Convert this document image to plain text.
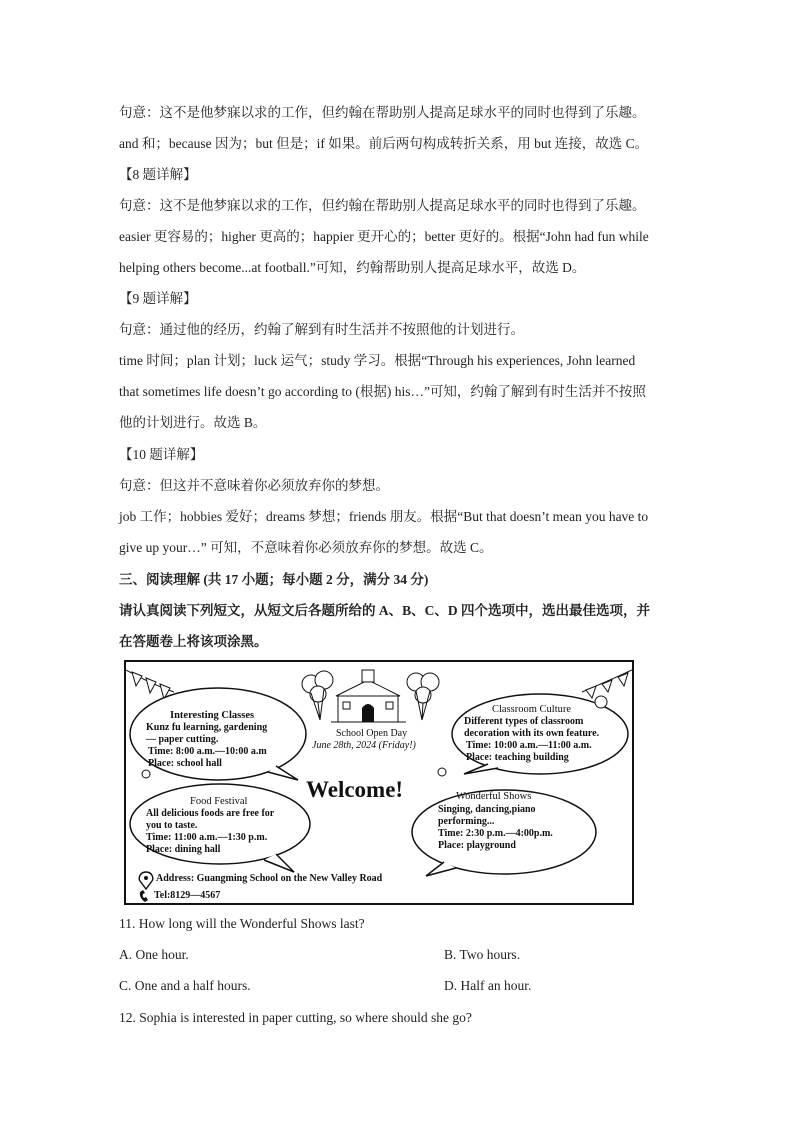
句意：这不是他梦寐以求的工作，但约翰在帮助别人提高足球水平的同时也得到了乐趣。
and 和；because 因为；but 但是；if 如果。前后两句构成转折关系，用 but 连接，故选 C。
【8 题详解】
句意：这不是他梦寐以求的工作，但约翰在帮助别人提高足球水平的同时也得到了乐趣。
easier 更容易的；higher 更高的；happier 更开心的；better 更好的。根据“John had fun while
helping others become...at football.”可知，约翰帮助别人提高足球水平，故选 D。
【9 题详解】
句意：通过他的经历，约翰了解到有时生活并不按照他的计划进行。
time 时间；plan 计划；luck 运气；study 学习。根据“Through his experiences, John learned
that sometimes life doesn’t go according to (根据) his…”可知，约翰了解到有时生活并不按照
他的计划进行。故选 B。
【10 题详解】
句意：但这并不意味着你必须放弃你的梦想。
job 工作；hobbies 爱好；dreams 梦想；friends 朋友。根据“But that doesn’t mean you have to
give up your…” 可知，不意味着你必须放弃你的梦想。故选 C。
三、阅读理解 (共 17 小题；每小题 2 分，满分 34 分)
请认真阅读下列短文，从短文后各题所给的 A、B、C、D 四个选项中，选出最佳选项，并
在答题卷上将该项涂黑。
Interesting Classes
Kunz fu learning, gardening
— paper cutting.
Time: 8:00 a.m.—10:00 a.m
Place: school hall
School Open Day
June 28th, 2024 (Friday!)
Classroom Culture
Different types of classroom
decoration with its own feature.
Time: 10:00 a.m.—11:00 a.m.
Place: teaching building
Welcome!
Food Festival
All delicious foods are free for
you to taste.
Time: 11:00 a.m.—1:30 p.m.
Place: dining hall
Wonderful Shows
Singing, dancing,piano
performing...
Time: 2:30 p.m.—4:00p.m.
Place: playground
Address: Guangming School on the New Valley Road
Tel:8129—4567
11. How long will the Wonderful Shows last?
A. One hour.	B. Two hours.
C. One and a half hours.	D. Half an hour.
12. Sophia is interested in paper cutting, so where should she go?
